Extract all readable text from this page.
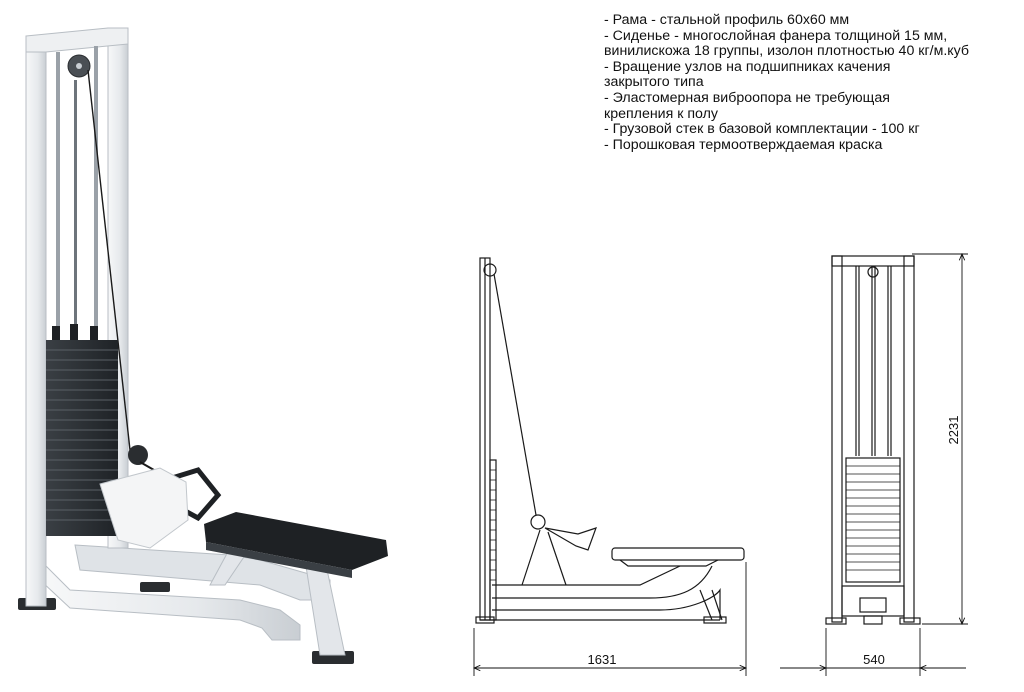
- Рама - стальной профиль 60х60 мм
- Сиденье - многослойная фанера толщиной 15 мм,
винилискожа 18 группы, изолон плотностью 40 кг/м.куб
- Вращение узлов на подшипниках качения
закрытого типа
- Эластомерная виброопора не требующая
крепления к полу
- Грузовой стек в базовой комплектации - 100 кг
- Порошковая термоотверждаемая краска
1631
2231
540
